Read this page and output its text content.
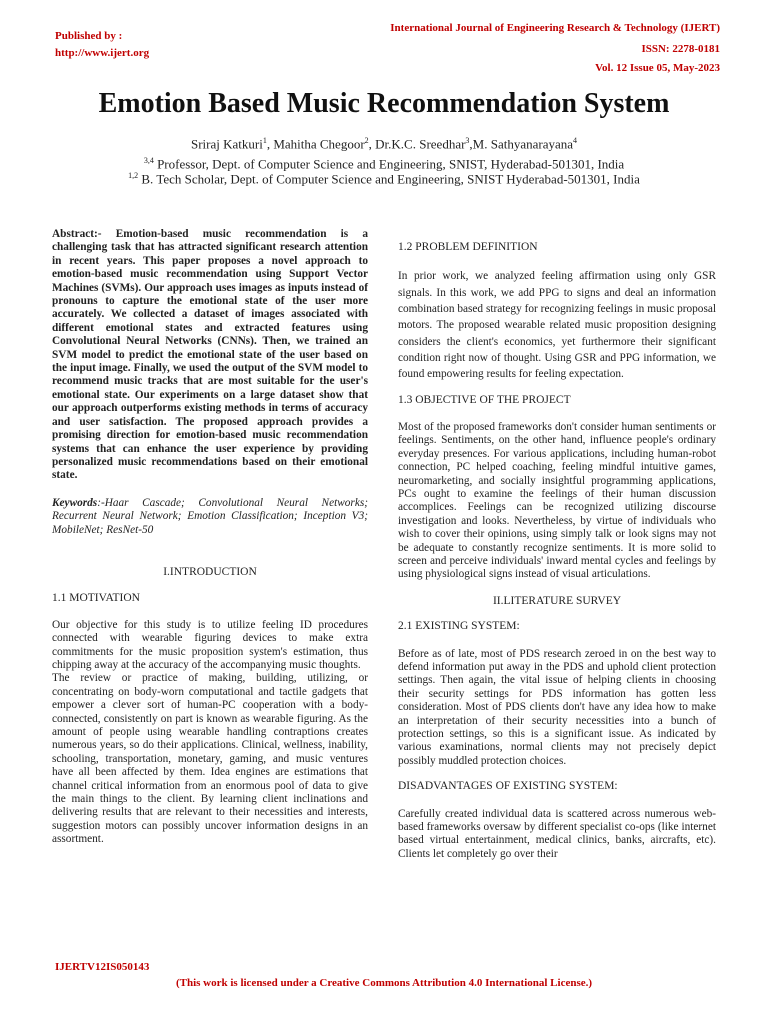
Published by :
http://www.ijert.org
International Journal of Engineering Research & Technology (IJERT)
ISSN: 2278-0181
Vol. 12 Issue 05, May-2023
Emotion Based Music Recommendation System
Sriraj Katkuri$^1$, Mahitha Chegoor$^2$, Dr.K.C. Sreedhar$^3$,M. Sathyanarayana$^4$
$^{3,4}$ Professor, Dept. of Computer Science and Engineering, SNIST, Hyderabad-501301, India
$^{1,2}$ B. Tech Scholar, Dept. of Computer Science and Engineering, SNIST Hyderabad-501301, India

Abstract:- Emotion-based music recommendation is a challenging task that has attracted significant research attention in recent years. This paper proposes a novel approach to emotion-based music recommendation using Support Vector Machines (SVMs). Our approach uses images as inputs instead of pronouns to capture the emotional state of the user more accurately. We collected a dataset of images associated with different emotional states and extracted features using Convolutional Neural Networks (CNNs). Then, we trained an SVM model to predict the emotional state of the user based on the input image. Finally, we used the output of the SVM model to recommend music tracks that are most suitable for the user's emotional state. Our experiments on a large dataset show that our approach outperforms existing methods in terms of accuracy and user satisfaction. The proposed approach provides a promising direction for emotion-based music recommendation systems that can enhance the user experience by providing personalized music recommendations based on their emotional state.

Keywords:-Haar Cascade; Convolutional Neural Networks; Recurrent Neural Network; Emotion Classification; Inception V3; MobileNet; ResNet-50

I.INTRODUCTION

1.1 MOTIVATION

Our objective for this study is to utilize feeling ID procedures connected with wearable figuring devices to make extra commitments for the music proposition system's estimation, thus chipping away at the accuracy of the accompanying music thoughts.

The review or practice of making, building, utilizing, or concentrating on body-worn computational and tactile gadgets that empower a clever sort of human-PC cooperation with a body-connected, consistently on part is known as wearable figuring. As the amount of people using wearable handling contraptions creates numerous years, so do their applications. Clinical, wellness, inability, schooling, transportation, monetary, gaming, and music ventures have all been affected by them. Idea engines are estimations that channel critical information from an enormous pool of data to give the main things to the client. By learning client inclinations and delivering results that are relevant to their necessities and interests, suggestion motors can possibly uncover information designs in an assortment.

1.2 PROBLEM DEFINITION

In prior work, we analyzed feeling affirmation using only GSR signals. In this work, we add PPG to signs and deal an information combination based strategy for recognizing feelings in music proposal motors. The proposed wearable related music proposition designing considers the client's economics, yet furthermore their significant condition right now of thought. Using GSR and PPG information, we found empowering results for feeling expectation.

1.3 OBJECTIVE OF THE PROJECT

Most of the proposed frameworks don't consider human sentiments or feelings. Sentiments, on the other hand, influence people's ordinary everyday presences. For various applications, including human-robot connection, PC helped coaching, feeling mindful intuitive games, neuromarketing, and socially insightful programming applications, PCs ought to examine the feelings of their human discussion accomplices. Feelings can be recognized utilizing discourse investigation and looks. Nevertheless, by virtue of individuals who wish to cover their opinions, using simply talk or look signs may not be adequate to constantly recognize sentiments. It is more solid to screen and perceive individuals' inward mental cycles and feelings by using physiological signs instead of visual articulations.

II.LITERATURE SURVEY

2.1 EXISTING SYSTEM:

Before as of late, most of PDS research zeroed in on the best way to defend information put away in the PDS and uphold client protection settings. Then again, the vital issue of helping clients in choosing their security settings for PDS information has gotten less consideration. Most of PDS clients don't have any idea how to make an interpretation of their security necessities into a bunch of protection settings, so this is a significant issue. As indicated by various examinations, normal clients may not precisely depict possibly muddled protection choices.

DISADVANTAGES OF EXISTING SYSTEM:

Carefully created individual data is scattered across numerous web-based frameworks oversaw by different specialist co-ops (like internet based virtual entertainment, medical clinics, banks, aircrafts, etc). Clients let completely go over their

IJERTV12IS050143
(This work is licensed under a Creative Commons Attribution 4.0 International License.)
